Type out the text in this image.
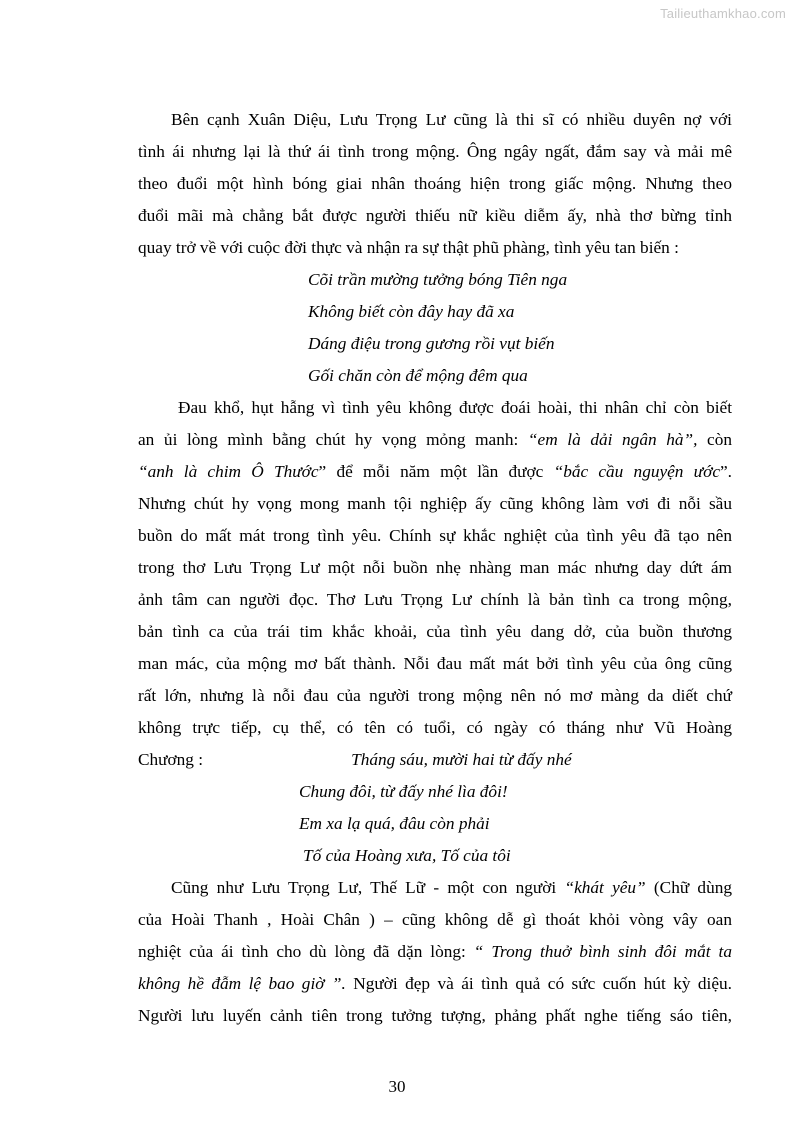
Tailieuthamkhao.com
Bên cạnh Xuân Diệu, Lưu Trọng Lư cũng là thi sĩ có nhiều duyên nợ với
tình ái nhưng lại là thứ ái tình trong mộng. Ông ngây ngất, đắm say và mải mê
theo đuổi một hình bóng giai nhân thoáng hiện trong giấc mộng. Nhưng theo
đuổi mãi mà chẳng bắt được người thiếu nữ kiều diễm ấy, nhà thơ bừng tỉnh
quay trở về với cuộc đời thực và nhận ra sự thật phũ phàng, tình yêu tan biến :
Cõi trần mường tưởng bóng Tiên nga
Không biết còn đây hay đã xa
Dáng điệu trong gương rồi vụt biến
Gối chăn còn để mộng đêm qua
Đau khổ, hụt hẫng vì tình yêu không được đoái hoài, thi nhân chỉ còn biết
an ủi lòng mình bằng chút hy vọng mỏng manh: “em là dải ngân hà”, còn
“anh là chim Ô Thước” để mỗi năm một lần được “bắc cầu nguyện ước”.
Nhưng chút hy vọng mong manh tội nghiệp ấy cũng không làm vơi đi nỗi sầu
buồn do mất mát trong tình yêu. Chính sự khắc nghiệt của tình yêu đã tạo nên
trong thơ Lưu Trọng Lư một nỗi buồn nhẹ nhàng man mác nhưng day dứt ám
ảnh tâm can người đọc. Thơ Lưu Trọng Lư chính là bản tình ca trong mộng,
bản tình ca của trái tim khắc khoải, của tình yêu dang dở, của buồn thương
man mác, của mộng mơ bất thành. Nỗi đau mất mát bởi tình yêu của ông cũng
rất lớn, nhưng là nỗi đau của người trong mộng nên nó mơ màng da diết chứ
không trực tiếp, cụ thể, có tên có tuổi, có ngày có tháng như Vũ Hoàng
Chương :	Tháng sáu, mười hai từ đấy nhé
Chung đôi, từ đấy nhé lìa đôi!
Em xa lạ quá, đâu còn phải
Tố của Hoàng xưa, Tố của tôi
Cũng như Lưu Trọng Lư, Thế Lữ - một con người “khát yêu” (Chữ dùng
của Hoài Thanh , Hoài Chân ) – cũng không dễ gì thoát khỏi vòng vây oan
nghiệt của ái tình cho dù lòng đã dặn lòng: “ Trong thuở bình sinh đôi mắt ta
không hề đẫm lệ bao giờ ”. Người đẹp và ái tình quả có sức cuốn hút kỳ diệu.
Người lưu luyến cảnh tiên trong tưởng tượng, phảng phất nghe tiếng sáo tiên,
30
